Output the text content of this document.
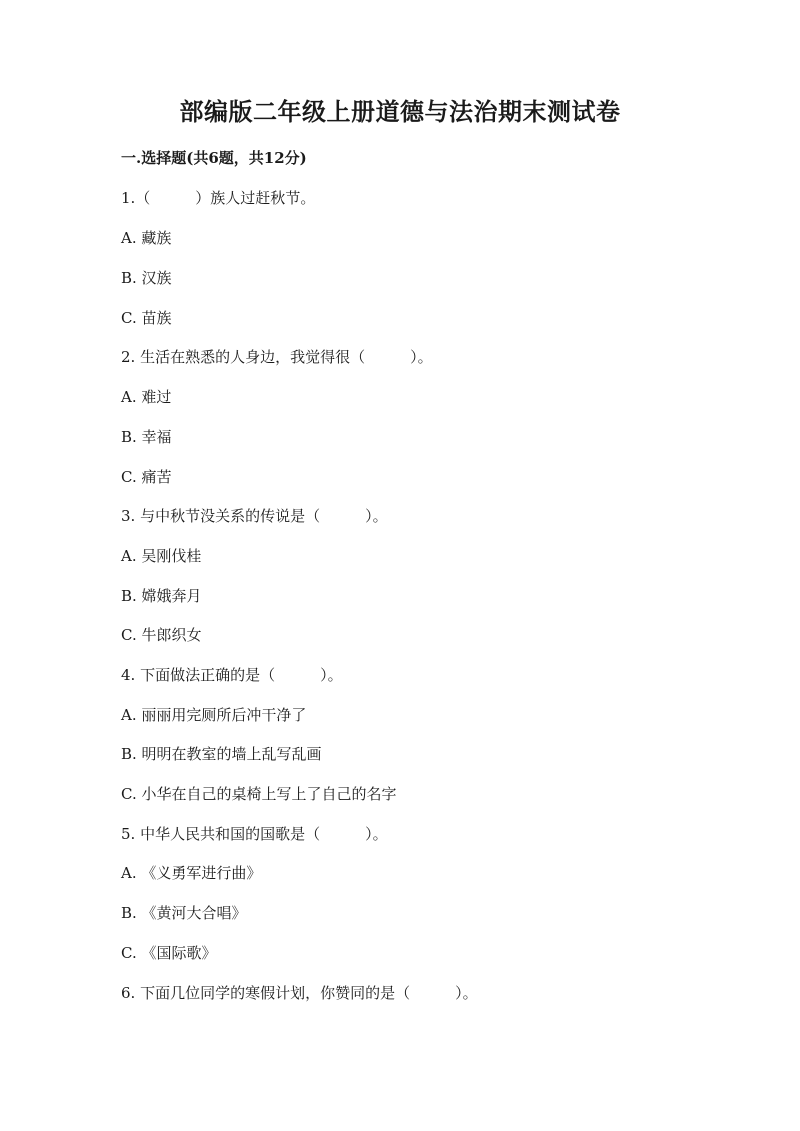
部编版二年级上册道德与法治期末测试卷
一.选择题(共6题，共12分)
1.（　　　）族人过赶秋节。
A. 藏族
B. 汉族
C. 苗族
2. 生活在熟悉的人身边，我觉得很（　　　）。
A. 难过
B. 幸福
C. 痛苦
3. 与中秋节没关系的传说是（　　　）。
A. 吴刚伐桂
B. 嫦娥奔月
C. 牛郎织女
4. 下面做法正确的是（　　　）。
A. 丽丽用完厕所后冲干净了
B. 明明在教室的墙上乱写乱画
C. 小华在自己的桌椅上写上了自己的名字
5. 中华人民共和国的国歌是（　　　）。
A. 《义勇军进行曲》
B. 《黄河大合唱》
C. 《国际歌》
6. 下面几位同学的寒假计划，你赞同的是（　　　）。
